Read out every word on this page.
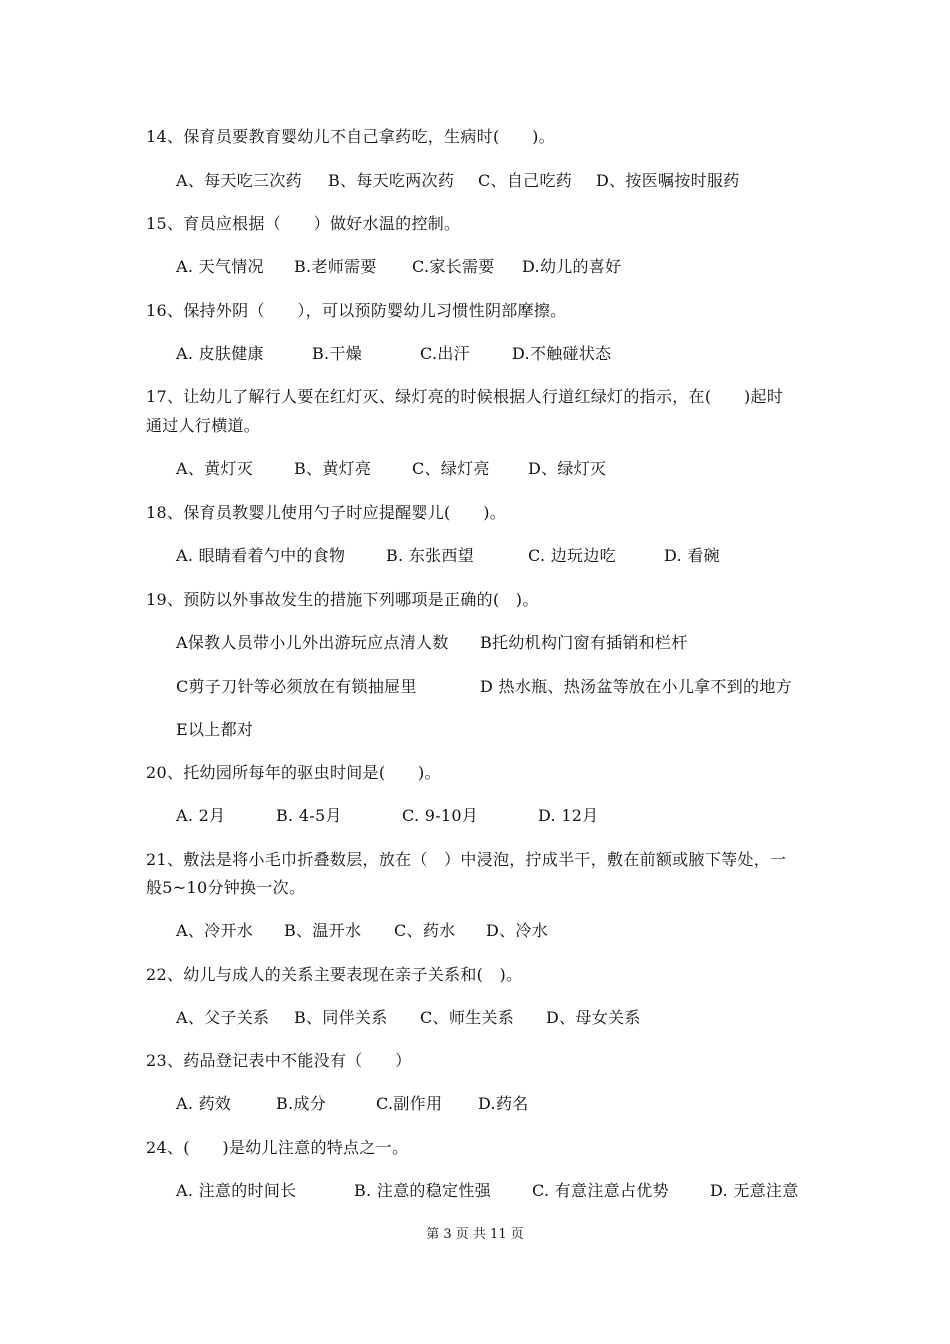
14、保育员要教育婴幼儿不自己拿药吃，生病时(　　)。
A、每天吃三次药 B、每天吃两次药 C、自己吃药 D、按医嘱按时服药
15、育员应根据（　　）做好水温的控制。
A. 天气情况 B.老师需要 C.家长需要 D.幼儿的喜好
16、保持外阴（　　），可以预防婴幼儿习惯性阴部摩擦。
A. 皮肤健康	B.干燥	C.出汗	D.不触碰状态
17、让幼儿了解行人要在红灯灭、绿灯亮的时候根据人行道红绿灯的指示，在(　　)起时
通过人行横道。
A、黄灯灭	B、黄灯亮	C、绿灯亮 D、绿灯灭
18、保育员教婴儿使用勺子时应提醒婴儿(　　)。
A. 眼睛看着勺中的食物	B. 东张西望	C. 边玩边吃	D. 看碗
19、预防以外事故发生的措施下列哪项是正确的(　)。
A保教人员带小儿外出游玩应点清人数 B托幼机构门窗有插销和栏杆
C剪子刀针等必须放在有锁抽屉里	D 热水瓶、热汤盆等放在小儿拿不到的地方
E以上都对
20、托幼园所每年的驱虫时间是(　　)。
A. 2月	B. 4-5月	C. 9-10月	D. 12月
21、敷法是将小毛巾折叠数层，放在（　）中浸泡，拧成半干，敷在前额或腋下等处，一
般5~10分钟换一次。
A、冷开水 B、温开水 C、药水 D、冷水
22、幼儿与成人的关系主要表现在亲子关系和(　)。
A、父子关系 B、同伴关系 C、师生关系 D、母女关系
23、药品登记表中不能没有（　　）
A. 药效	B.成分	C.副作用 D.药名
24、(　　)是幼儿注意的特点之一。
A. 注意的时间长	B. 注意的稳定性强	C. 有意注意占优势	D. 无意注意
第 3 页 共 11 页
